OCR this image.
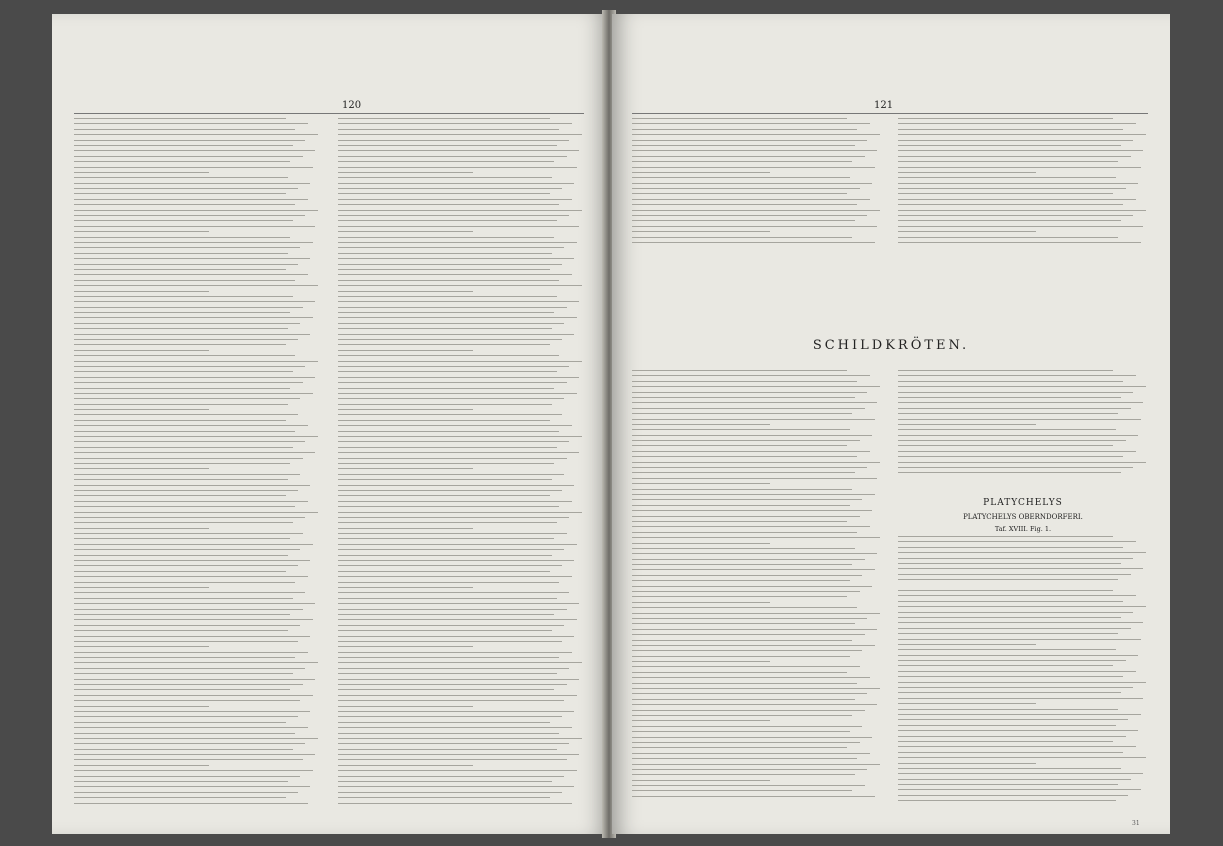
120	121
SCHILDKRÖTEN.
PLATYCHELYS
PLATYCHELYS OBERNDORFERI.
Taf. XVIII. Fig. 1.
31
